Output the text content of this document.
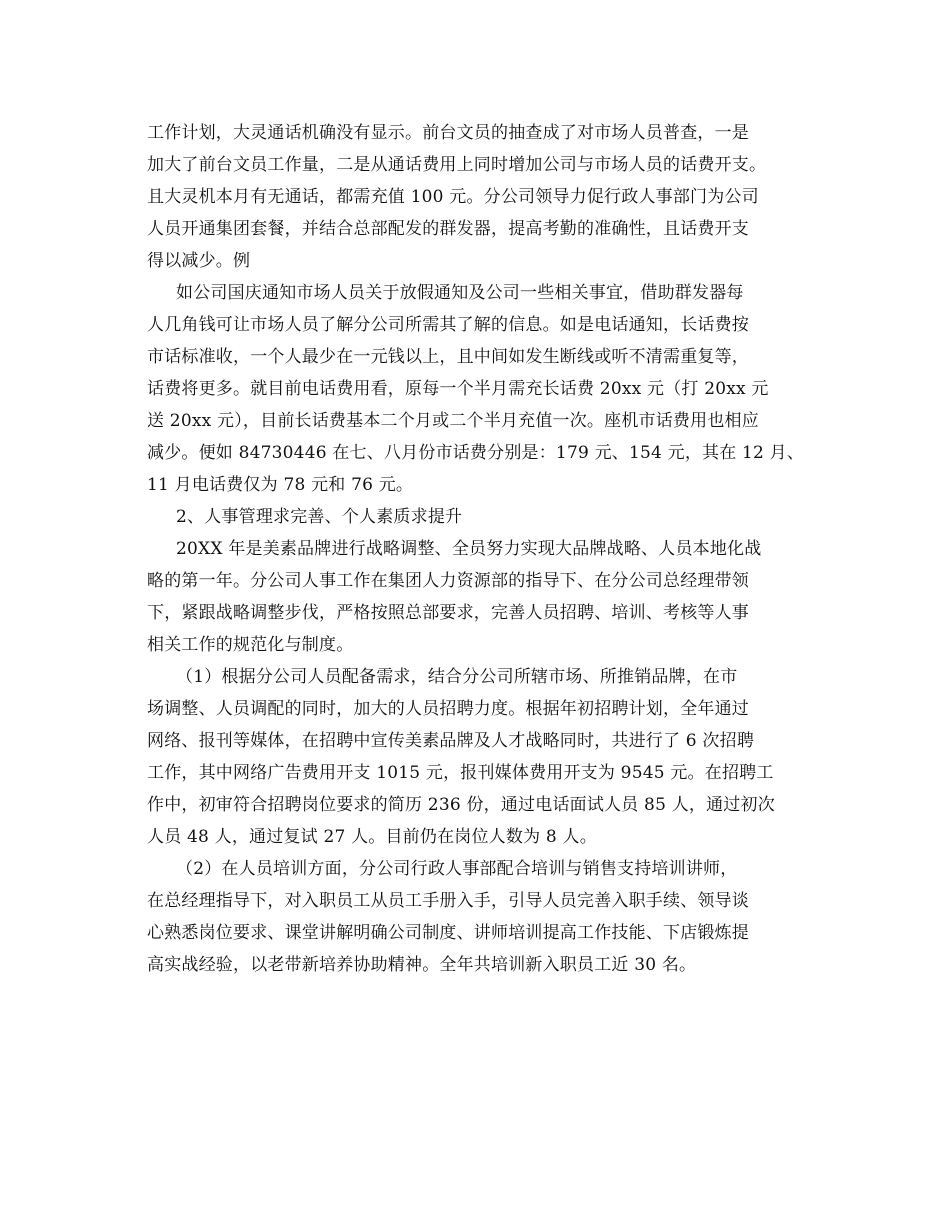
工作计划，大灵通话机确没有显示。前台文员的抽查成了对市场人员普查，一是
加大了前台文员工作量，二是从通话费用上同时增加公司与市场人员的话费开支。
且大灵机本月有无通话，都需充值 100 元。分公司领导力促行政人事部门为公司
人员开通集团套餐，并结合总部配发的群发器，提高考勤的准确性，且话费开支
得以减少。例
如公司国庆通知市场人员关于放假通知及公司一些相关事宜，借助群发器每
人几角钱可让市场人员了解分公司所需其了解的信息。如是电话通知，长话费按
市话标准收，一个人最少在一元钱以上，且中间如发生断线或听不清需重复等，
话费将更多。就目前电话费用看，原每一个半月需充长话费 20xx 元（打 20xx 元
送 20xx 元），目前长话费基本二个月或二个半月充值一次。座机市话费用也相应
减少。便如 84730446 在七、八月份市话费分别是：179 元、154 元，其在 12 月、
11 月电话费仅为 78 元和 76 元。
2、人事管理求完善、个人素质求提升
20XX 年是美素品牌进行战略调整、全员努力实现大品牌战略、人员本地化战
略的第一年。分公司人事工作在集团人力资源部的指导下、在分公司总经理带领
下，紧跟战略调整步伐，严格按照总部要求，完善人员招聘、培训、考核等人事
相关工作的规范化与制度。
（1）根据分公司人员配备需求，结合分公司所辖市场、所推销品牌，在市
场调整、人员调配的同时，加大的人员招聘力度。根据年初招聘计划，全年通过
网络、报刊等媒体，在招聘中宣传美素品牌及人才战略同时，共进行了 6 次招聘
工作，其中网络广告费用开支 1015 元，报刊媒体费用开支为 9545 元。在招聘工
作中，初审符合招聘岗位要求的简历 236 份，通过电话面试人员 85 人，通过初次
人员 48 人，通过复试 27 人。目前仍在岗位人数为 8 人。
（2）在人员培训方面，分公司行政人事部配合培训与销售支持培训讲师，
在总经理指导下，对入职员工从员工手册入手，引导人员完善入职手续、领导谈
心熟悉岗位要求、课堂讲解明确公司制度、讲师培训提高工作技能、下店锻炼提
高实战经验，以老带新培养协助精神。全年共培训新入职员工近 30 名。
